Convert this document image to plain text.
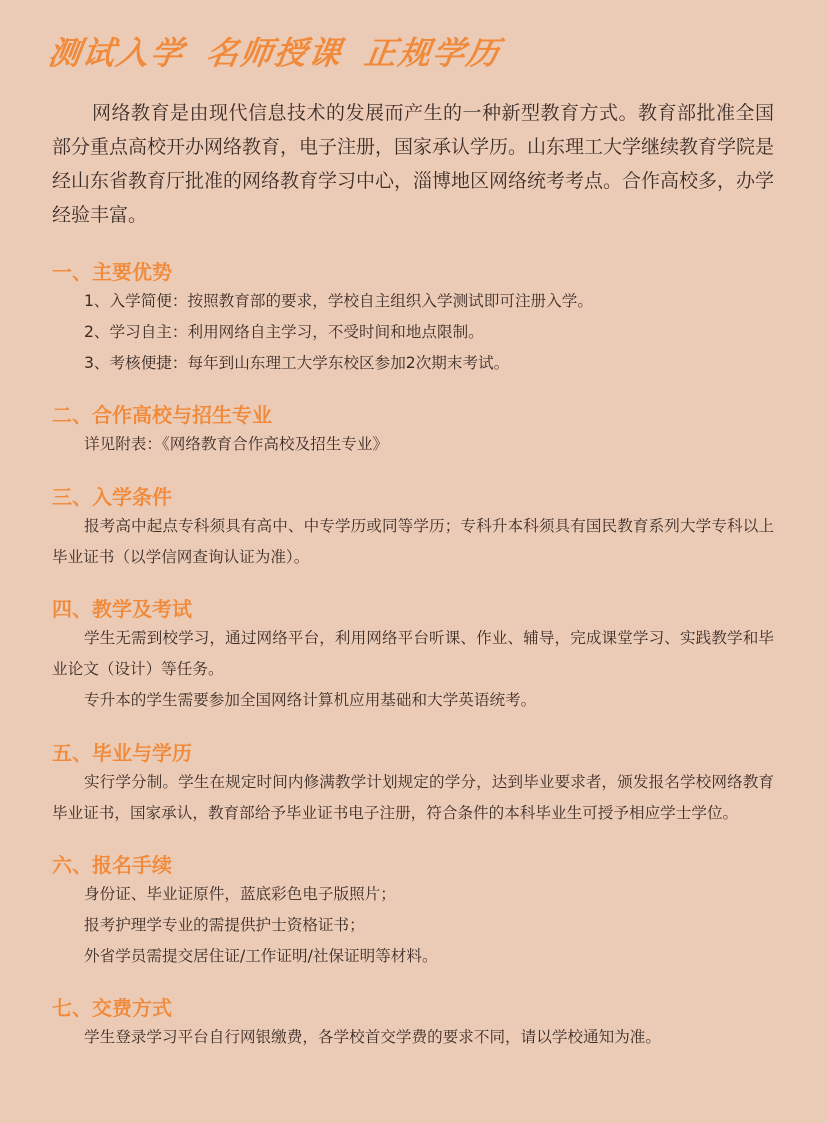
测试入学 名师授课 正规学历

网络教育是由现代信息技术的发展而产生的一种新型教育方式。教育部批准全国部分重点高校开办网络教育，电子注册，国家承认学历。山东理工大学继续教育学院是经山东省教育厅批准的网络教育学习中心，淄博地区网络统考考点。合作高校多，办学经验丰富。

一、主要优势
1、入学简便：按照教育部的要求，学校自主组织入学测试即可注册入学。
2、学习自主：利用网络自主学习，不受时间和地点限制。
3、考核便捷：每年到山东理工大学东校区参加2次期末考试。
二、合作高校与招生专业
详见附表：《网络教育合作高校及招生专业》
三、入学条件
报考高中起点专科须具有高中、中专学历或同等学历；专科升本科须具有国民教育系列大学专科以上毕业证书（以学信网查询认证为准）。
四、教学及考试
学生无需到校学习，通过网络平台，利用网络平台听课、作业、辅导，完成课堂学习、实践教学和毕业论文（设计）等任务。
专升本的学生需要参加全国网络计算机应用基础和大学英语统考。
五、毕业与学历
实行学分制。学生在规定时间内修满教学计划规定的学分，达到毕业要求者，颁发报名学校网络教育毕业证书，国家承认，教育部给予毕业证书电子注册，符合条件的本科毕业生可授予相应学士学位。
六、报名手续
身份证、毕业证原件，蓝底彩色电子版照片；
报考护理学专业的需提供护士资格证书；
外省学员需提交居住证/工作证明/社保证明等材料。
七、交费方式
学生登录学习平台自行网银缴费，各学校首交学费的要求不同，请以学校通知为准。
